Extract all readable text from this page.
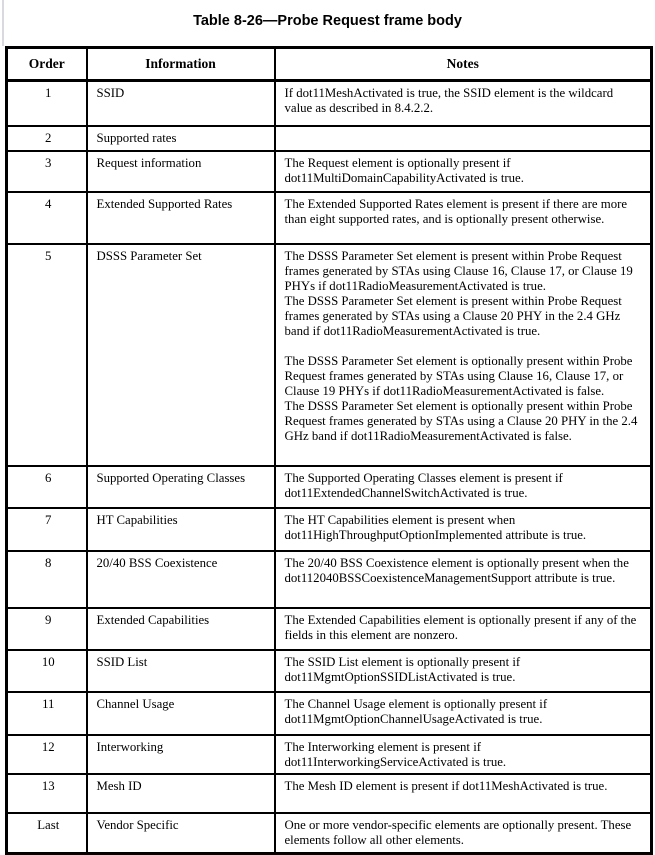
Table 8-26—Probe Request frame body
Order	Information	Notes
1	SSID	If dot11MeshActivated is true, the SSID element is the wildcard value as described in 8.4.2.2.

2	Supported rates	
3	Request information	The Request element is optionally present if dot11MultiDomainCapabilityActivated is true.

4	Extended Supported Rates	The Extended Supported Rates element is present if there are more than eight supported rates, and is optionally present otherwise.

5	DSSS Parameter Set	The DSSS Parameter Set element is present within Probe Request frames generated by STAs using Clause 16, Clause 17, or Clause 19 PHYs if dot11RadioMeasurementActivated is true.

The DSSS Parameter Set element is present within Probe Request frames generated by STAs using a Clause 20 PHY in the 2.4 GHz band if dot11RadioMeasurementActivated is true.

The DSSS Parameter Set element is optionally present within Probe Request frames generated by STAs using Clause 16, Clause 17, or Clause 19 PHYs if dot11RadioMeasurementActivated is false.

The DSSS Parameter Set element is optionally present within Probe Request frames generated by STAs using a Clause 20 PHY in the 2.4 GHz band if dot11RadioMeasurementActivated is false.

6	Supported Operating Classes	The Supported Operating Classes element is present if dot11ExtendedChannelSwitchActivated is true.

7	HT Capabilities	The HT Capabilities element is present when dot11HighThroughputOptionImplemented attribute is true.

8	20/40 BSS Coexistence	The 20/40 BSS Coexistence element is optionally present when the dot112040BSSCoexistenceManagementSupport attribute is true.

9	Extended Capabilities	The Extended Capabilities element is optionally present if any of the fields in this element are nonzero.

10	SSID List	The SSID List element is optionally present if dot11MgmtOptionSSIDListActivated is true.

11	Channel Usage	The Channel Usage element is optionally present if dot11MgmtOptionChannelUsageActivated is true.

12	Interworking	The Interworking element is present if dot11InterworkingServiceActivated is true.

13	Mesh ID	The Mesh ID element is present if dot11MeshActivated is true.

Last	Vendor Specific	One or more vendor-specific elements are optionally present. These elements follow all other elements.
